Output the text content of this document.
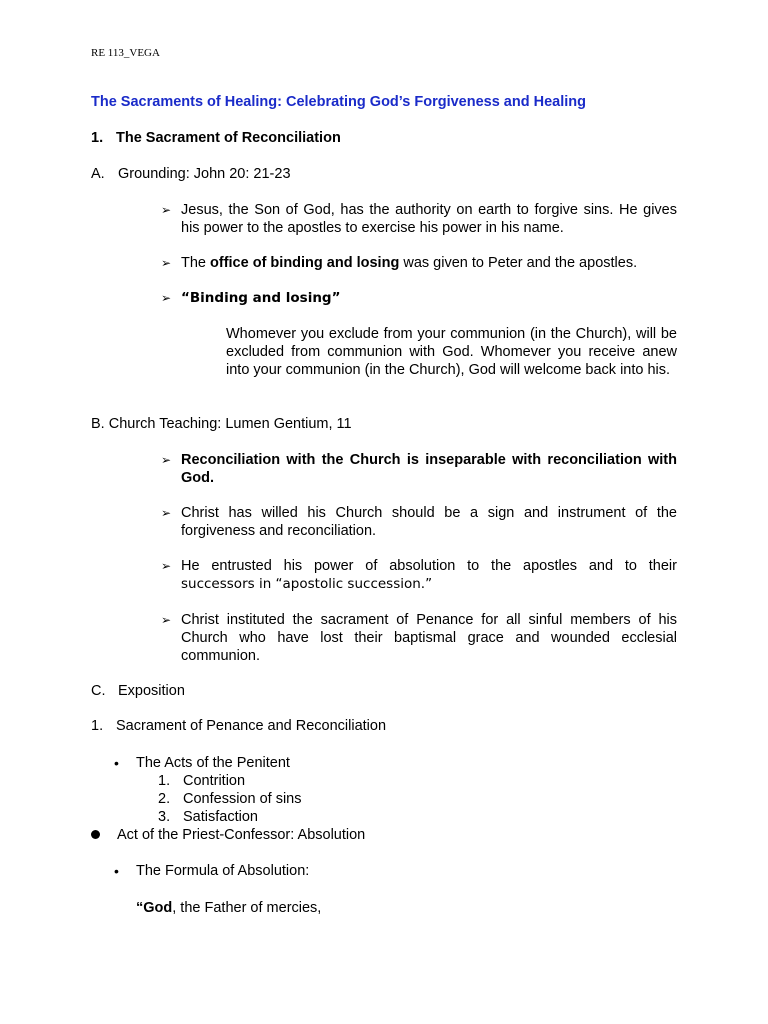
RE 113_VEGA

The Sacraments of Healing: Celebrating God’s Forgiveness and Healing

1. The Sacrament of Reconciliation
A. Grounding: John 20: 21-23
➢ Jesus, the Son of God, has the authority on earth to forgive sins. He gives his power to the apostles to exercise his power in his name.
➢ The office of binding and losing was given to Peter and the apostles.
➢ “Binding and losing”
Whomever you exclude from your communion (in the Church), will be excluded from communion with God. Whomever you receive anew into your communion (in the Church), God will welcome back into his.
B. Church Teaching: Lumen Gentium, 11
➢ Reconciliation with the Church is inseparable with reconciliation with God.
➢ Christ has willed his Church should be a sign and instrument of the forgiveness and reconciliation.
➢ He entrusted his power of absolution to the apostles and to their
successors in “apostolic succession.”
➢ Christ instituted the sacrament of Penance for all sinful members of his Church who have lost their baptismal grace and wounded ecclesial communion.
C. Exposition
1. Sacrament of Penance and Reconciliation
• The Acts of the Penitent
1. Contrition
2. Confession of sins
3. Satisfaction
Act of the Priest-Confessor: Absolution
• The Formula of Absolution:
“God, the Father of mercies,
